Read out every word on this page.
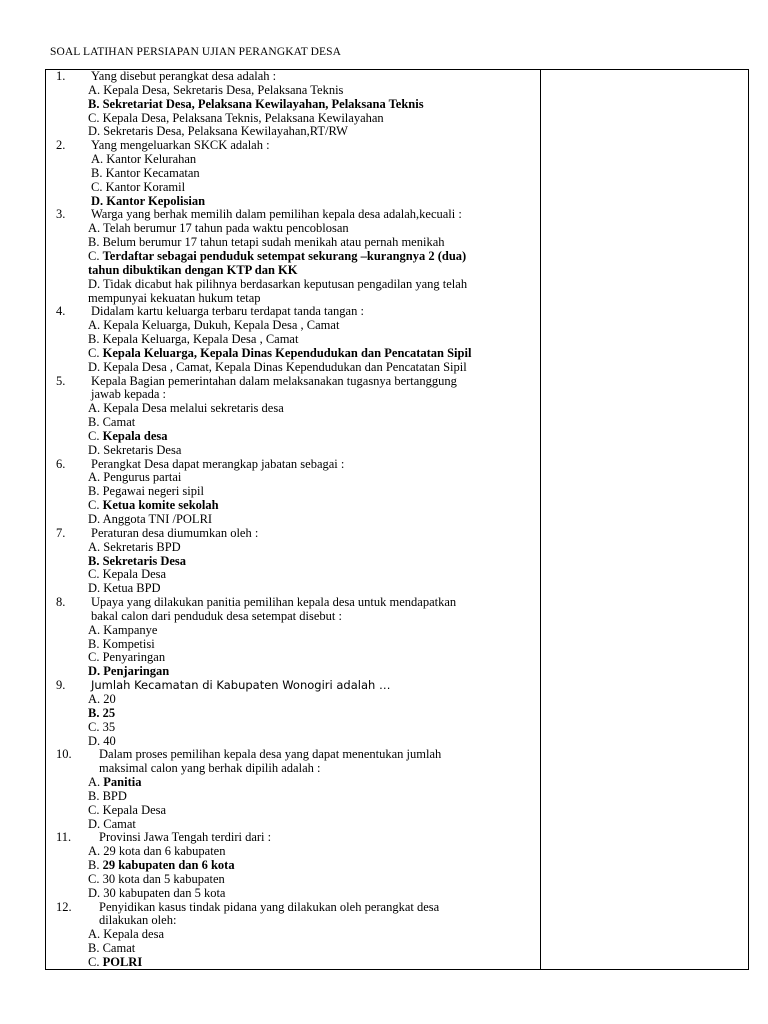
SOAL LATIHAN PERSIAPAN UJIAN PERANGKAT DESA
1. Yang disebut perangkat desa adalah :
A. Kepala Desa, Sekretaris Desa, Pelaksana Teknis
B. Sekretariat Desa, Pelaksana Kewilayahan, Pelaksana Teknis
C. Kepala Desa, Pelaksana Teknis, Pelaksana Kewilayahan
D. Sekretaris Desa, Pelaksana Kewilayahan,RT/RW
2. Yang mengeluarkan SKCK adalah :
A. Kantor Kelurahan
B. Kantor Kecamatan
C. Kantor Koramil
D. Kantor Kepolisian
3. Warga yang berhak memilih dalam pemilihan kepala desa adalah,kecuali :
A. Telah berumur 17 tahun pada waktu pencoblosan
B. Belum berumur 17 tahun tetapi sudah menikah atau pernah menikah
C. Terdaftar sebagai penduduk setempat sekurang –kurangnya 2 (dua)
tahun dibuktikan dengan KTP dan KK
D. Tidak dicabut hak pilihnya berdasarkan keputusan pengadilan yang telah
mempunyai kekuatan hukum tetap
4. Didalam kartu keluarga terbaru terdapat tanda tangan :
A. Kepala Keluarga, Dukuh, Kepala Desa , Camat
B. Kepala Keluarga, Kepala Desa , Camat
C. Kepala Keluarga, Kepala Dinas Kependudukan dan Pencatatan Sipil
D. Kepala Desa , Camat, Kepala Dinas Kependudukan dan Pencatatan Sipil
5. Kepala Bagian pemerintahan dalam melaksanakan tugasnya bertanggung
jawab kepada :
A. Kepala Desa melalui sekretaris desa
B. Camat
C. Kepala desa
D. Sekretaris Desa
6. Perangkat Desa dapat merangkap jabatan sebagai :
A. Pengurus partai
B. Pegawai negeri sipil
C. Ketua komite sekolah
D. Anggota TNI /POLRI
7. Peraturan desa diumumkan oleh :
A. Sekretaris BPD
B. Sekretaris Desa
C. Kepala Desa
D. Ketua BPD
8. Upaya yang dilakukan panitia pemilihan kepala desa untuk mendapatkan
bakal calon dari penduduk desa setempat disebut :
A. Kampanye
B. Kompetisi
C. Penyaringan
D. Penjaringan
9. Jumlah Kecamatan di Kabupaten Wonogiri adalah …
A. 20
B. 25
C. 35
D. 40
10. Dalam proses pemilihan kepala desa yang dapat menentukan jumlah
maksimal calon yang berhak dipilih adalah :
A. Panitia
B. BPD
C. Kepala Desa
D. Camat
11. Provinsi Jawa Tengah terdiri dari :
A. 29 kota dan 6 kabupaten
B. 29 kabupaten dan 6 kota
C. 30 kota dan 5 kabupaten
D. 30 kabupaten dan 5 kota
12. Penyidikan kasus tindak pidana yang dilakukan oleh perangkat desa
dilakukan oleh:
A. Kepala desa
B. Camat
C. POLRI
